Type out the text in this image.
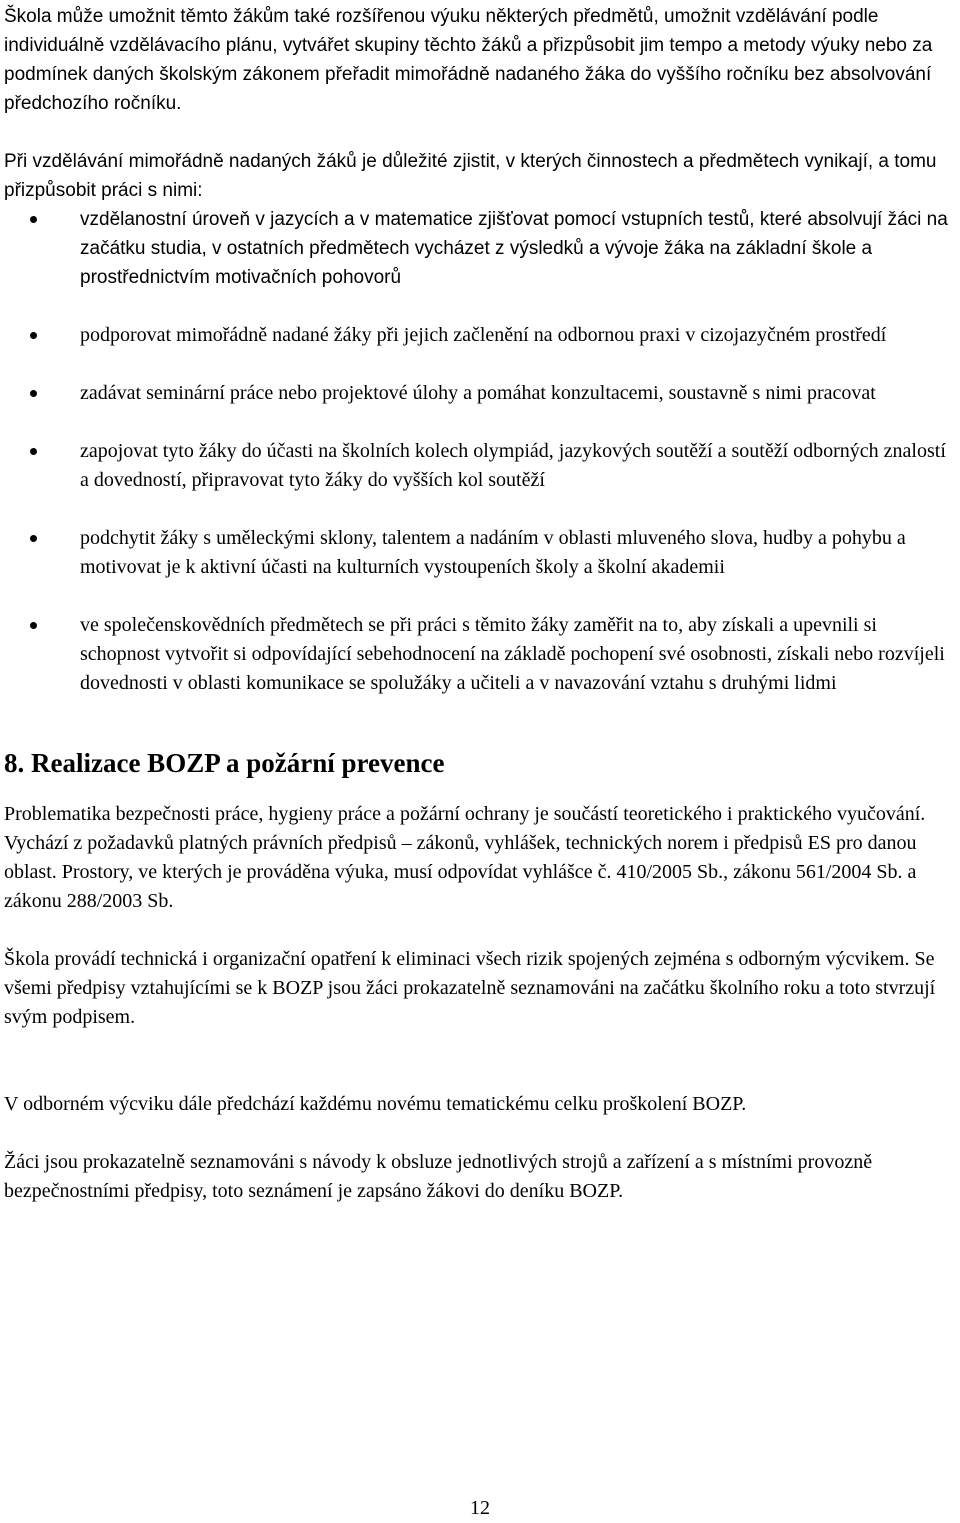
Škola může umožnit těmto žákům také rozšířenou výuku některých předmětů, umožnit vzdělávání podle individuálně vzdělávacího plánu, vytvářet skupiny těchto žáků a přizpůsobit jim tempo a metody výuky nebo za podmínek daných školským zákonem přeřadit mimořádně nadaného žáka do vyššího ročníku bez absolvování předchozího ročníku.

Při vzdělávání mimořádně nadaných žáků je důležité zjistit, v kterých činnostech a předmětech vynikají, a tomu přizpůsobit práci s nimi:

vzdělanostní úroveň v jazycích a v matematice zjišťovat pomocí vstupních testů, které absolvují žáci na začátku studia, v ostatních předmětech vycházet z výsledků a vývoje žáka na základní škole a prostřednictvím motivačních pohovorů
podporovat mimořádně nadané žáky při jejich začlenění na odbornou praxi v cizojazyčném prostředí
zadávat seminární práce nebo projektové úlohy a pomáhat konzultacemi, soustavně s nimi pracovat
zapojovat tyto žáky do účasti na školních kolech olympiád, jazykových soutěží a soutěží odborných znalostí a dovedností, připravovat tyto žáky do vyšších kol soutěží
podchytit žáky s uměleckými sklony, talentem a nadáním v oblasti mluveného slova, hudby a pohybu a motivovat je k aktivní účasti na kulturních vystoupeních školy a školní akademii
ve společenskovědních předmětech se při práci s těmito žáky zaměřit na to, aby získali a upevnili si schopnost vytvořit si odpovídající sebehodnocení na základě pochopení své osobnosti, získali nebo rozvíjeli dovednosti v oblasti komunikace se spolužáky a učiteli a v navazování vztahu s druhými lidmi
8. Realizace BOZP a požární prevence

Problematika bezpečnosti práce, hygieny práce a požární ochrany je součástí teoretického i praktického vyučování. Vychází z požadavků platných právních předpisů – zákonů, vyhlášek, technických norem i předpisů ES pro danou oblast. Prostory, ve kterých je prováděna výuka, musí odpovídat vyhlášce č. 410/2005 Sb., zákonu 561/2004 Sb. a zákonu 288/2003 Sb.

Škola provádí technická i organizační opatření k eliminaci všech rizik spojených zejména s odborným výcvikem. Se všemi předpisy vztahujícími se k BOZP jsou žáci prokazatelně seznamováni na začátku školního roku a toto stvrzují svým podpisem.

V odborném výcviku dále předchází každému novému tematickému celku proškolení BOZP.

Žáci jsou prokazatelně seznamováni s návody k obsluze jednotlivých strojů a zařízení a s místními provozně bezpečnostními předpisy, toto seznámení je zapsáno žákovi do deníku BOZP.

12
